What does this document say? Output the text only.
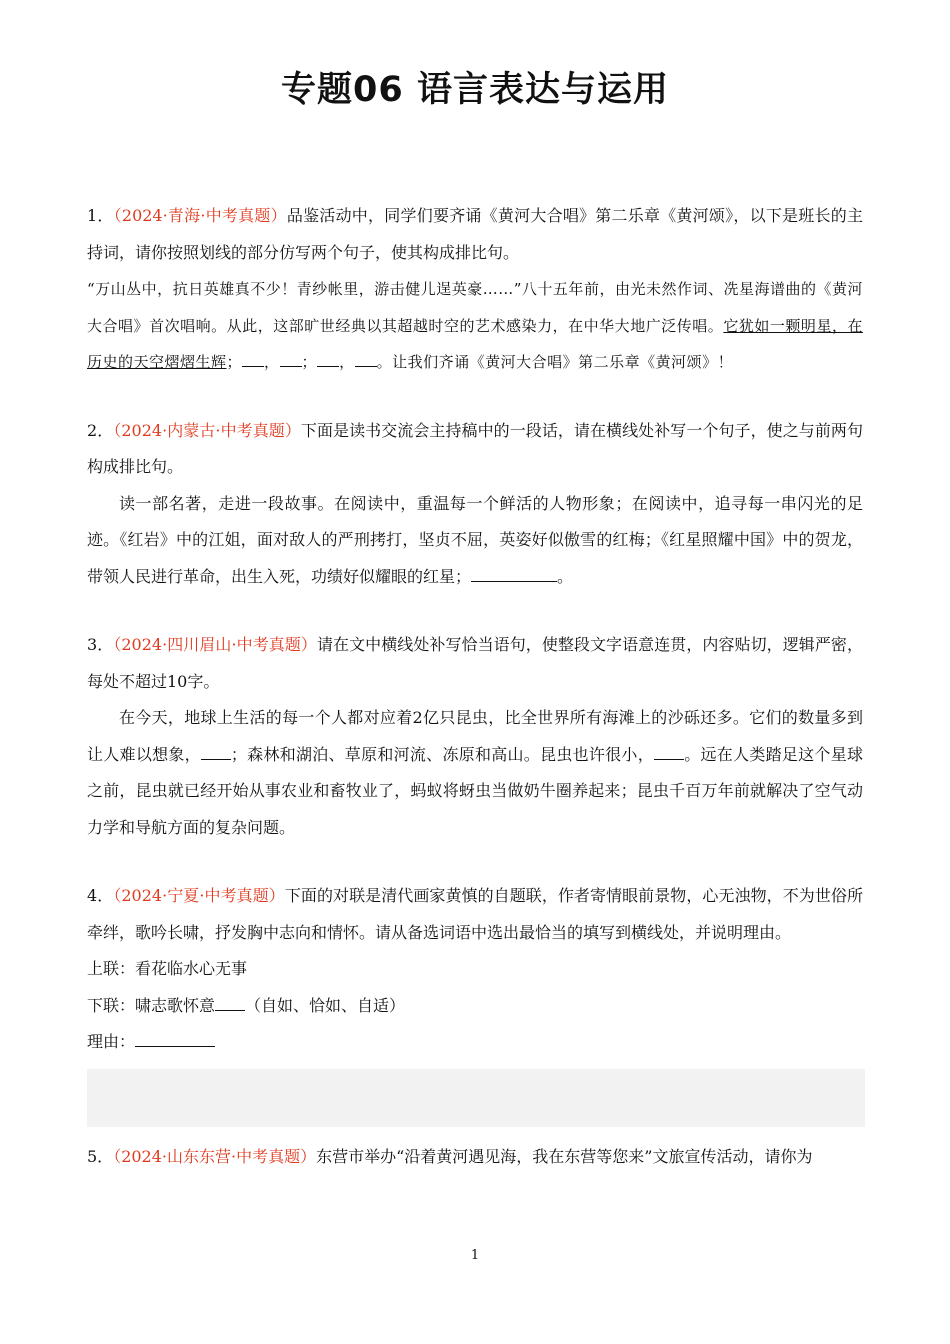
专题06 语言表达与运用

1．（2024·青海·中考真题）品鉴活动中，同学们要齐诵《黄河大合唱》第二乐章《黄河颂》，以下是班长的主持词，请你按照划线的部分仿写两个句子，使其构成排比句。

“万山丛中，抗日英雄真不少！青纱帐里，游击健儿逞英豪……”八十五年前，由光未然作词、冼星海谱曲的《黄河大合唱》首次唱响。从此，这部旷世经典以其超越时空的艺术感染力，在中华大地广泛传唱。它犹如一颗明星，在历史的天空熠熠生辉； ， ； ， 。让我们齐诵《黄河大合唱》第二乐章《黄河颂》！

2．（2024·内蒙古·中考真题）下面是读书交流会主持稿中的一段话，请在横线处补写一个句子，使之与前两句构成排比句。

读一部名著，走进一段故事。在阅读中，重温每一个鲜活的人物形象；在阅读中，追寻每一串闪光的足迹。《红岩》中的江姐，面对敌人的严刑拷打，坚贞不屈，英姿好似傲雪的红梅；《红星照耀中国》中的贺龙，带领人民进行革命，出生入死，功绩好似耀眼的红星；	。

3．（2024·四川眉山·中考真题）请在文中横线处补写恰当语句，使整段文字语意连贯，内容贴切，逻辑严密，每处不超过10字。

在今天，地球上生活的每一个人都对应着2亿只昆虫，比全世界所有海滩上的沙砾还多。它们的数量多到让人难以想象， ；森林和湖泊、草原和河流、冻原和高山。昆虫也许很小， 。远在人类踏足这个星球之前，昆虫就已经开始从事农业和畜牧业了，蚂蚁将蚜虫当做奶牛圈养起来；昆虫千百万年前就解决了空气动力学和导航方面的复杂问题。

4．（2024·宁夏·中考真题）下面的对联是清代画家黄慎的自题联，作者寄情眼前景物，心无浊物，不为世俗所牵绊，歌吟长啸，抒发胸中志向和情怀。请从备选词语中选出最恰当的填写到横线处，并说明理由。

上联：看花临水心无事

下联：啸志歌怀意 （自如、恰如、自适）

理由：

5．（2024·山东东营·中考真题）东营市举办“沿着黄河遇见海，我在东营等您来”文旅宣传活动，请你为

1
